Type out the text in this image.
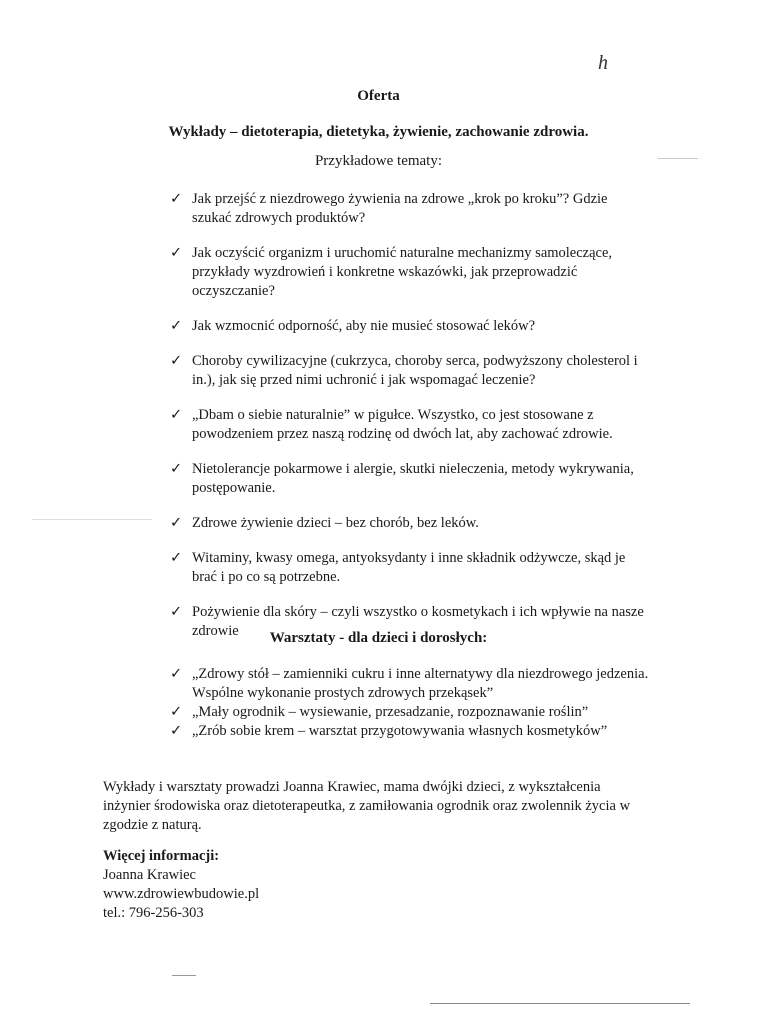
h
Oferta
Wykłady – dietoterapia, dietetyka, żywienie, zachowanie zdrowia.
Przykładowe tematy:
✓ Jak przejść z niezdrowego żywienia na zdrowe „krok po kroku”? Gdzie szukać zdrowych produktów?
✓ Jak oczyścić organizm i uruchomić naturalne mechanizmy samoleczące, przykłady wyzdrowień i konkretne wskazówki, jak przeprowadzić oczyszczanie?
✓ Jak wzmocnić odporność, aby nie musieć stosować leków?
✓ Choroby cywilizacyjne (cukrzyca, choroby serca, podwyższony cholesterol i in.), jak się przed nimi uchronić i jak wspomagać leczenie?
✓ „Dbam o siebie naturalnie” w pigułce. Wszystko, co jest stosowane z powodzeniem przez naszą rodzinę od dwóch lat, aby zachować zdrowie.
✓ Nietolerancje pokarmowe i alergie, skutki nieleczenia, metody wykrywania, postępowanie.
✓ Zdrowe żywienie dzieci – bez chorób, bez leków.
✓ Witaminy, kwasy omega, antyoksydanty i inne składnik odżywcze, skąd je brać i po co są potrzebne.
✓ Pożywienie dla skóry – czyli wszystko o kosmetykach i ich wpływie na nasze zdrowie	Warsztaty - dla dzieci i dorosłych:
✓ „Zdrowy stół – zamienniki cukru i inne alternatywy dla niezdrowego jedzenia. Wspólne wykonanie prostych zdrowych przekąsek”
✓ „Mały ogrodnik – wysiewanie, przesadzanie, rozpoznawanie roślin”
✓ „Zrób sobie krem – warsztat przygotowywania własnych kosmetyków”
Wykłady i warsztaty prowadzi Joanna Krawiec, mama dwójki dzieci, z wykształcenia inżynier środowiska oraz dietoterapeutka, z zamiłowania ogrodnik oraz zwolennik życia w zgodzie z naturą.
Więcej informacji:
Joanna Krawiec
www.zdrowiewbudowie.pl
tel.: 796-256-303
